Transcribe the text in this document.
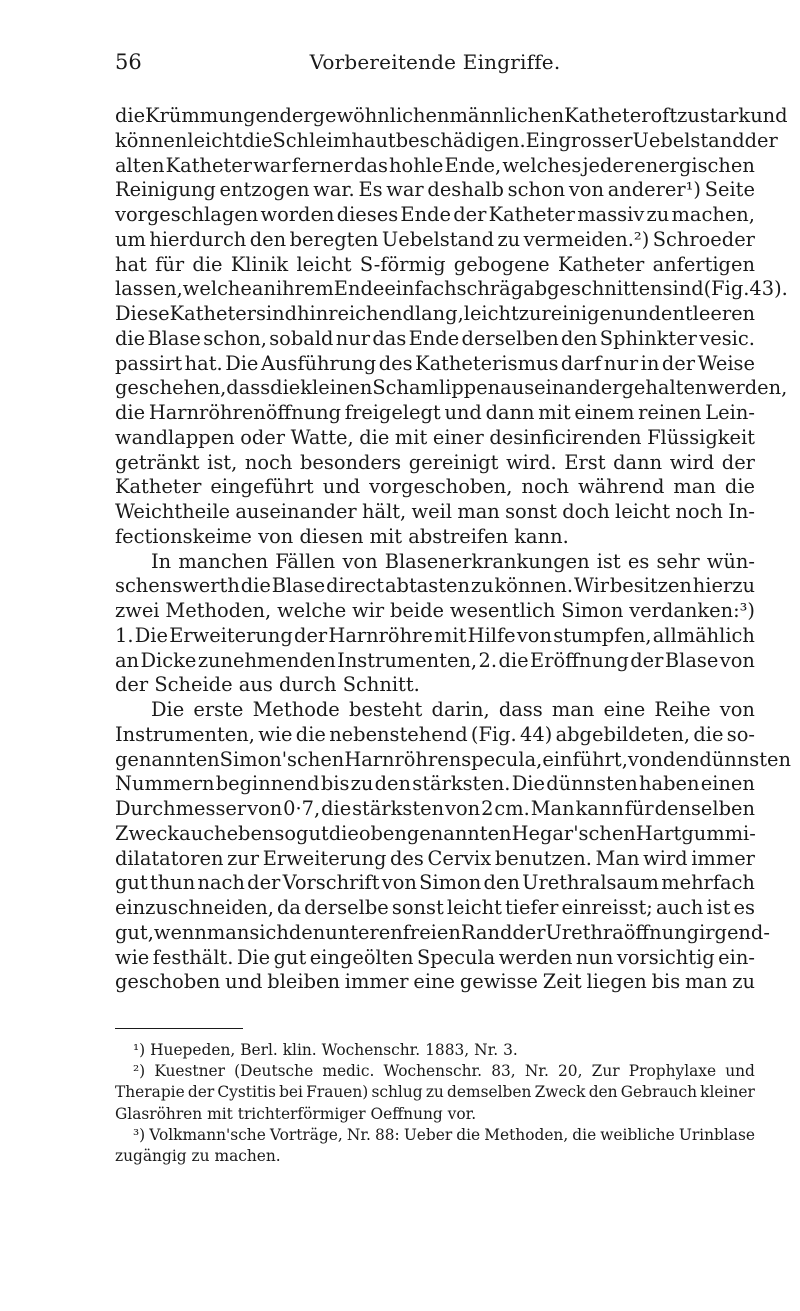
56	Vorbereitende Eingriffe.
die Krümmungen der gewöhnlichen männlichen Katheter oft zu stark und
können leicht die Schleimhaut beschädigen. Ein grosser Uebelstand der
alten Katheter war ferner das hohle Ende, welches jeder energischen
Reinigung entzogen war. Es war deshalb schon von anderer¹) Seite
vorgeschlagen worden dieses Ende der Katheter massiv zu machen,
um hierdurch den beregten Uebelstand zu vermeiden.²) Schroeder
hat für die Klinik leicht S-förmig gebogene Katheter anfertigen
lassen, welche an ihrem Ende einfach schräg abgeschnitten sind (Fig. 43).
Diese Katheter sind hinreichend lang, leicht zu reinigen und entleeren
die Blase schon, sobald nur das Ende derselben den Sphinkter vesic.
passirt hat. Die Ausführung des Katheterismus darf nur in der Weise
geschehen, dass die kleinen Schamlippen auseinandergehalten werden,
die Harnröhrenöffnung freigelegt und dann mit einem reinen Lein-
wandlappen oder Watte, die mit einer desinficirenden Flüssigkeit
getränkt ist, noch besonders gereinigt wird. Erst dann wird der
Katheter eingeführt und vorgeschoben, noch während man die
Weichtheile auseinander hält, weil man sonst doch leicht noch In-
fectionskeime von diesen mit abstreifen kann.
In manchen Fällen von Blasenerkrankungen ist es sehr wün-
schenswerth die Blase direct abtasten zu können. Wir besitzen hierzu
zwei Methoden, welche wir beide wesentlich Simon verdanken:³)
1. Die Erweiterung der Harnröhre mit Hilfe von stumpfen, allmählich
an Dicke zunehmenden Instrumenten, 2. die Eröffnung der Blase von
der Scheide aus durch Schnitt.
Die erste Methode besteht darin, dass man eine Reihe von
Instrumenten, wie die nebenstehend (Fig. 44) abgebildeten, die so-
genannten Simon'schen Harnröhrenspecula, einführt, von den dünnsten
Nummern beginnend bis zu den stärksten. Die dünnsten haben einen
Durchmesser von 0·7, die stärksten von 2 cm. Man kann für denselben
Zweck auch ebensogut die obengenannten Hegar'schen Hartgummi-
dilatatoren zur Erweiterung des Cervix benutzen. Man wird immer
gut thun nach der Vorschrift von Simon den Urethralsaum mehrfach
einzuschneiden, da derselbe sonst leicht tiefer einreisst; auch ist es
gut, wenn man sich den unteren freien Rand der Urethraöffnung irgend-
wie festhält. Die gut eingeölten Specula werden nun vorsichtig ein-
geschoben und bleiben immer eine gewisse Zeit liegen bis man zu
¹) Huepeden, Berl. klin. Wochenschr. 1883, Nr. 3.
²) Kuestner (Deutsche medic. Wochenschr. 83, Nr. 20, Zur Prophylaxe und
Therapie der Cystitis bei Frauen) schlug zu demselben Zweck den Gebrauch kleiner
Glasröhren mit trichterförmiger Oeffnung vor.
³) Volkmann'sche Vorträge, Nr. 88: Ueber die Methoden, die weibliche Urinblase
zugängig zu machen.
